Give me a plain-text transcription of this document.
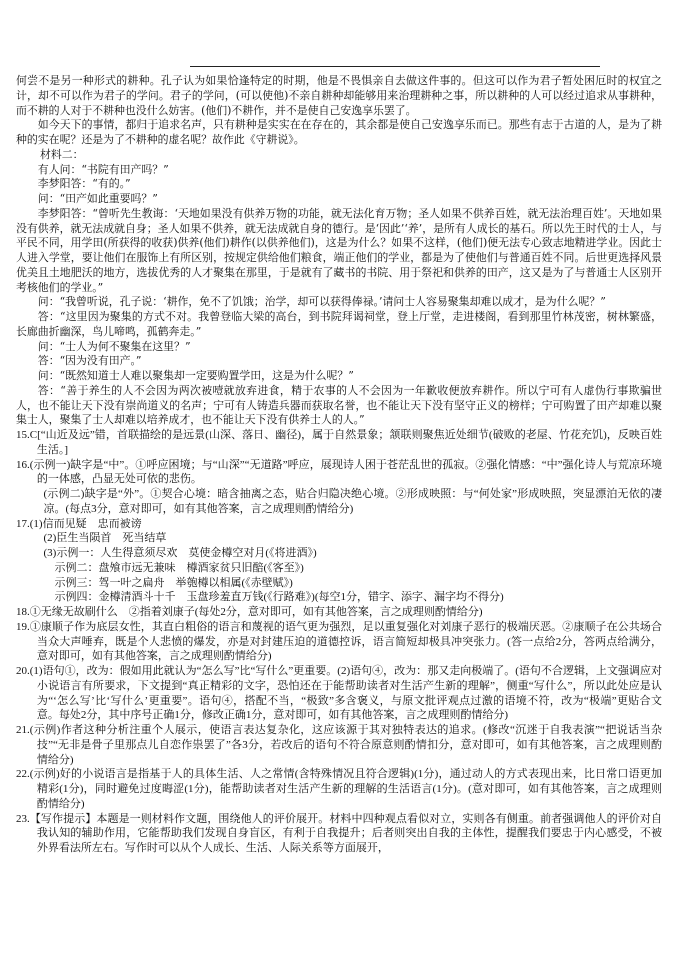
何尝不是另一种形式的耕种。孔子认为如果恰逢特定的时期，他是不畏惧亲自去做这件事的。但这可以作为君子暂处困厄时的权宜之计，却不可以作为君子的学问。君子的学问，(可以使他)不亲自耕种却能够用来治理耕种之事，所以耕种的人可以经过追求从事耕种，而不耕的人对于不耕种也没什么妨害。(他们)不耕作，并不是使自己安逸享乐罢了。

如今天下的事情，都归于追求名声，只有耕种是实实在在存在的，其余都是使自己安逸享乐而已。那些有志于古道的人，是为了耕种的实在呢？还是为了不耕种的虚名呢？故作此《守耕说》。

材料二：

有人问：“书院有田产吗？”

李梦阳答：“有的。”

问：“田产如此重要吗？”

李梦阳答：“曾听先生教诲：‘天地如果没有供养万物的功能，就无法化育万物；圣人如果不供养百姓，就无法治理百姓’。天地如果没有供养，就无法成就自身；圣人如果不供养，就无法成就自身的德行。是‘因此’‘养’，是所有人成长的基石。所以先王时代的士人，与平民不同，用学田(所获得的收获)供养(他们)耕作(以供养他们)，这是为什么？如果不这样，(他们)便无法专心致志地精进学业。因此士人进入学堂，要让他们在服饰上有所区别，按规定供给他们粮食，端正他们的学业，都是为了使他们与普通百姓不同。后世更选择风景优美且土地肥沃的地方，选拔优秀的人才聚集在那里，于是就有了藏书的书院、用于祭祀和供养的田产，这又是为了与普通士人区别开考核他们的学业。”

问：“我曾听说，孔子说：‘耕作，免不了饥饿；治学，却可以获得俸禄。’请问士人容易聚集却难以成才，是为什么呢？”

答：“这里因为聚集的方式不对。我曾登临大梁的高台，到书院拜谒祠堂，登上厅堂，走进楼阁，看到那里竹林茂密，树林繁盛，长廊曲折幽深，鸟儿啼鸣，孤鹤奔走。”

问：“士人为何不聚集在这里？”

答：“因为没有田产。”

问：“既然知道士人难以聚集却一定要购置学田，这是为什么呢？”

答：“善于养生的人不会因为两次被噎就放弃进食，精于农事的人不会因为一年歉收便放弃耕作。所以宁可有人虚伪行事欺骗世人，也不能让天下没有崇尚道义的名声；宁可有人铸造兵器而获取名誉，也不能让天下没有坚守正义的榜样；宁可购置了田产却难以聚集士人，聚集了士人却难以培养成才，也不能让天下没有供养士人的人。”

15.C[“山近及远”错，首联描绘的是远景(山深、落日、幽径)，属于自然景象；颔联则聚焦近处细节(破败的老屋、竹花充饥)，反映百姓生活。]

16.(示例一)缺字是“中”。①呼应困境；与“山深”“无道路”呼应，展现诗人困于苍茫乱世的孤寂。②强化情感：“中”强化诗人与荒凉环境的一体感，凸显无处可依的悲伤。

(示例二)缺字是“外”。①契合心境：暗含抽离之态，贴合归隐决绝心境。②形成映照：与“何处家”形成映照，突显漂泊无依的凄凉。(每点3分，意对即可，如有其他答案，言之成理则酌情给分)

17.(1)信而见疑　忠而被谤

(2)臣生当陨首　死当结草

(3)示例一：人生得意须尽欢　莫使金樽空对月(《将进酒》)

示例二：盘飧市远无兼味　樽酒家贫只旧醅(《客至》)

示例三：驾一叶之扁舟　举匏樽以相属(《赤壁赋》)

示例四：金樽清酒斗十千　玉盘珍羞直万钱(《行路难》)(每空1分，错字、添字、漏字均不得分)

18.①无缘无故刷什么　②指着刘康子(每处2分，意对即可，如有其他答案，言之成理则酌情给分)

19.①康顺子作为底层女性，其直白粗俗的语言和蔑视的语气更为强烈，足以重复强化对刘康子恶行的极端厌恶。②康顺子在公共场合当众大声唾弃，既是个人悲愤的爆发，亦是对封建压迫的道德控诉，语言简短却极具冲突张力。(答一点给2分，答两点给满分，意对即可，如有其他答案，言之成理则酌情给分)

20.(1)语句①，改为：假如用此就认为“怎么写”比“写什么”更重要。(2)语句④，改为：那又走向极端了。(语句不合逻辑，上文强调应对小说语言有所要求，下文提到“真正精彩的文字，恐怕还在于能帮助读者对生活产生新的理解”，侧重“写什么”，所以此处应是认为“‘怎么写’比‘写什么’更重要”。语句④，搭配不当，“极致”多含褒义，与原文批评观点过激的语境不符，改为“极端”更贴合文意。每处2分，其中序号正确1分，修改正确1分，意对即可，如有其他答案，言之成理则酌情给分)

21.(示例)作者这种分析注重个人展示，使语言表达复杂化，这应该源于其对独特表达的追求。(修改“沉迷于自我表演”“把说话当杂技”“无非是骨子里那点儿自恋作祟罢了”各3分，若改后的语句不符合原意则酌情扣分，意对即可，如有其他答案，言之成理则酌情给分)

22.(示例)好的小说语言是指基于人的具体生活、人之常情(含特殊情况且符合逻辑)(1分)，通过动人的方式表现出来，比日常口语更加精彩(1分)，同时避免过度晦涩(1分)，能帮助读者对生活产生新的理解的生活语言(1分)。(意对即可，如有其他答案，言之成理则酌情给分)

23.【写作提示】本题是一则材料作文题，围绕他人的评价展开。材料中四种观点看似对立，实则各有侧重。前者强调他人的评价对自我认知的辅助作用，它能帮助我们发现自身盲区，有利于自我提升；后者则突出自我的主体性，提醒我们要忠于内心感受，不被外界看法所左右。写作时可以从个人成长、生活、人际关系等方面展开，
